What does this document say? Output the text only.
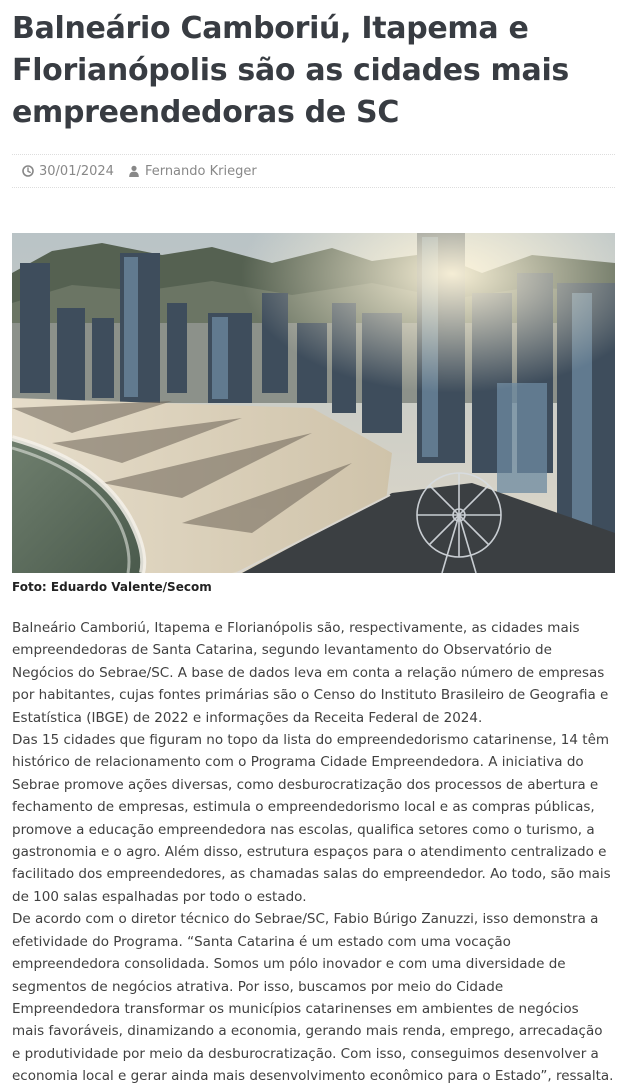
Balneário Camboriú, Itapema e Florianópolis são as cidades mais empreendedoras de SC
30/01/2024 Fernando Krieger
Foto: Eduardo Valente/Secom

Balneário Camboriú, Itapema e Florianópolis são, respectivamente, as cidades mais empreendedoras de Santa Catarina, segundo levantamento do Observatório de Negócios do Sebrae/SC. A base de dados leva em conta a relação número de empresas por habitantes, cujas fontes primárias são o Censo do Instituto Brasileiro de Geografia e Estatística (IBGE) de 2022 e informações da Receita Federal de 2024.

Das 15 cidades que figuram no topo da lista do empreendedorismo catarinense, 14 têm histórico de relacionamento com o Programa Cidade Empreendedora. A iniciativa do Sebrae promove ações diversas, como desburocratização dos processos de abertura e fechamento de empresas, estimula o empreendedorismo local e as compras públicas, promove a educação empreendedora nas escolas, qualifica setores como o turismo, a gastronomia e o agro. Além disso, estrutura espaços para o atendimento centralizado e facilitado dos empreendedores, as chamadas salas do empreendedor. Ao todo, são mais de 100 salas espalhadas por todo o estado.

De acordo com o diretor técnico do Sebrae/SC, Fabio Búrigo Zanuzzi, isso demonstra a efetividade do Programa. “Santa Catarina é um estado com uma vocação empreendedora consolidada. Somos um pólo inovador e com uma diversidade de segmentos de negócios atrativa. Por isso, buscamos por meio do Cidade Empreendedora transformar os municípios catarinenses em ambientes de negócios mais favoráveis, dinamizando a economia, gerando mais renda, emprego, arrecadação e produtividade por meio da desburocratização. Com isso, conseguimos desenvolver a economia local e gerar ainda mais desenvolvimento econômico para o Estado”, ressalta.
